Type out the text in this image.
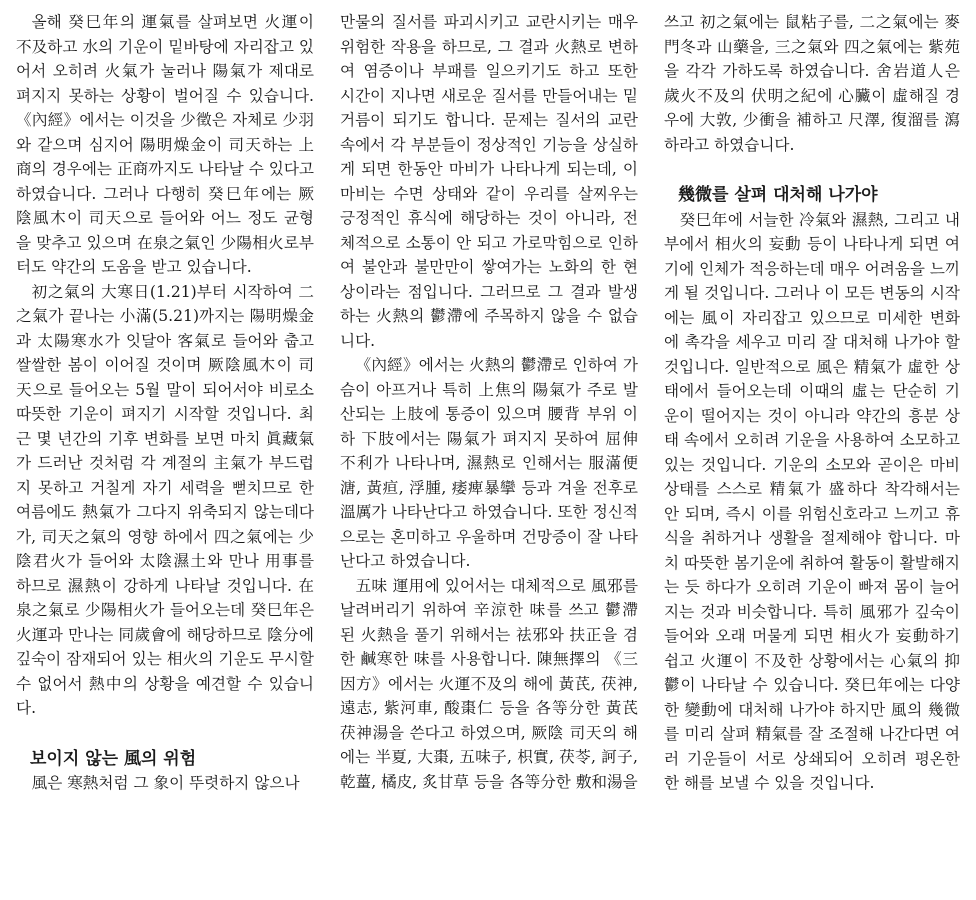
올해 癸巳年의 運氣를 살펴보면 火運이 不及하고 水의 기운이 밑바탕에 자리잡고 있어서 오히려 火氣가 눌러나 陽氣가 제대로 펴지지 못하는 상황이 벌어질 수 있습니다.《內經》에서는 이것을 少徵은 자체로 少羽와 같으며 심지어 陽明燥金이 司天하는 上商의 경우에는 正商까지도 나타날 수 있다고 하였습니다. 그러나 다행히 癸巳年에는 厥陰風木이 司天으로 들어와 어느 정도 균형을 맞추고 있으며 在泉之氣인 少陽相火로부터도 약간의 도움을 받고 있습니다.

初之氣의 大寒日(1.21)부터 시작하여 二之氣가 끝나는 小滿(5.21)까지는 陽明燥金과 太陽寒水가 잇달아 客氣로 들어와 춥고 쌀쌀한 봄이 이어질 것이며 厥陰風木이 司天으로 들어오는 5월 말이 되어서야 비로소 따뜻한 기운이 펴지기 시작할 것입니다. 최근 몇 년간의 기후 변화를 보면 마치 眞藏氣가 드러난 것처럼 각 계절의 主氣가 부드럽지 못하고 거칠게 자기 세력을 뻗치므로 한여름에도 熱氣가 그다지 위축되지 않는데다가, 司天之氣의 영향 하에서 四之氣에는 少陰君火가 들어와 太陰濕土와 만나 用事를 하므로 濕熱이 강하게 나타날 것입니다. 在泉之氣로 少陽相火가 들어오는데 癸巳年은 火運과 만나는 同歲會에 해당하므로 陰分에 깊숙이 잠재되어 있는 相火의 기운도 무시할 수 없어서 熱中의 상황을 예견할 수 있습니다.

보이지 않는 風의 위험

風은 寒熱처럼 그 象이 뚜렷하지 않으나

만물의 질서를 파괴시키고 교란시키는 매우 위험한 작용을 하므로, 그 결과 火熱로 변하여 염증이나 부패를 일으키기도 하고 또한 시간이 지나면 새로운 질서를 만들어내는 밑거름이 되기도 합니다. 문제는 질서의 교란 속에서 각 부분들이 정상적인 기능을 상실하게 되면 한동안 마비가 나타나게 되는데, 이 마비는 수면 상태와 같이 우리를 살찌우는 긍정적인 휴식에 해당하는 것이 아니라, 전체적으로 소통이 안 되고 가로막힘으로 인하여 불안과 불만만이 쌓여가는 노화의 한 현상이라는 점입니다. 그러므로 그 결과 발생하는 火熱의 鬱滯에 주목하지 않을 수 없습니다.

《內經》에서는 火熱의 鬱滯로 인하여 가슴이 아프거나 특히 上焦의 陽氣가 주로 발산되는 上肢에 통증이 있으며 腰背 부위 이하 下肢에서는 陽氣가 펴지지 못하여 屈伸不利가 나타나며, 濕熱로 인해서는 服滿便溏, 黃疸, 浮腫, 痿痺暴攣 등과 겨울 전후로 溫厲가 나타난다고 하였습니다. 또한 정신적으로는 혼미하고 우울하며 건망증이 잘 나타난다고 하였습니다.

五味 運用에 있어서는 대체적으로 風邪를 날려버리기 위하여 辛涼한 味를 쓰고 鬱滯된 火熱을 풀기 위해서는 祛邪와 扶正을 겸한 鹹寒한 味를 사용합니다. 陳無擇의 《三因方》에서는 火運不及의 해에 黃芪, 茯神, 遠志, 紫河車, 酸棗仁 등을 各等分한 黃芪茯神湯을 쓴다고 하였으며, 厥陰 司天의 해에는 半夏, 大棗, 五味子, 枳實, 茯苓, 訶子, 乾薑, 橘皮, 炙甘草 등을 各等分한 敷和湯을

쓰고 初之氣에는 鼠粘子를, 二之氣에는 麥門冬과 山藥을, 三之氣와 四之氣에는 紫苑을 각각 가하도록 하였습니다. 舍岩道人은 歲火不及의 伏明之紀에 心臟이 虛해질 경우에 大敦, 少衝을 補하고 尺澤, 復溜를 瀉하라고 하였습니다.

幾微를 살펴 대처해 나가야

癸巳年에 서늘한 冷氣와 濕熱, 그리고 내부에서 相火의 妄動 등이 나타나게 되면 여기에 인체가 적응하는데 매우 어려움을 느끼게 될 것입니다. 그러나 이 모든 변동의 시작에는 風이 자리잡고 있으므로 미세한 변화에 촉각을 세우고 미리 잘 대처해 나가야 할 것입니다. 일반적으로 風은 精氣가 虛한 상태에서 들어오는데 이때의 虛는 단순히 기운이 떨어지는 것이 아니라 약간의 흥분 상태 속에서 오히려 기운을 사용하여 소모하고 있는 것입니다. 기운의 소모와 곧이은 마비 상태를 스스로 精氣가 盛하다 착각해서는 안 되며, 즉시 이를 위험신호라고 느끼고 휴식을 취하거나 생활을 절제해야 합니다. 마치 따뜻한 봄기운에 취하여 활동이 활발해지는 듯 하다가 오히려 기운이 빠져 몸이 늘어지는 것과 비슷합니다. 특히 風邪가 깊숙이 들어와 오래 머물게 되면 相火가 妄動하기 쉽고 火運이 不及한 상황에서는 心氣의 抑鬱이 나타날 수 있습니다. 癸巳年에는 다양한 變動에 대처해 나가야 하지만 風의 幾微를 미리 살펴 精氣를 잘 조절해 나간다면 여러 기운들이 서로 상쇄되어 오히려 평온한 한 해를 보낼 수 있을 것입니다.
